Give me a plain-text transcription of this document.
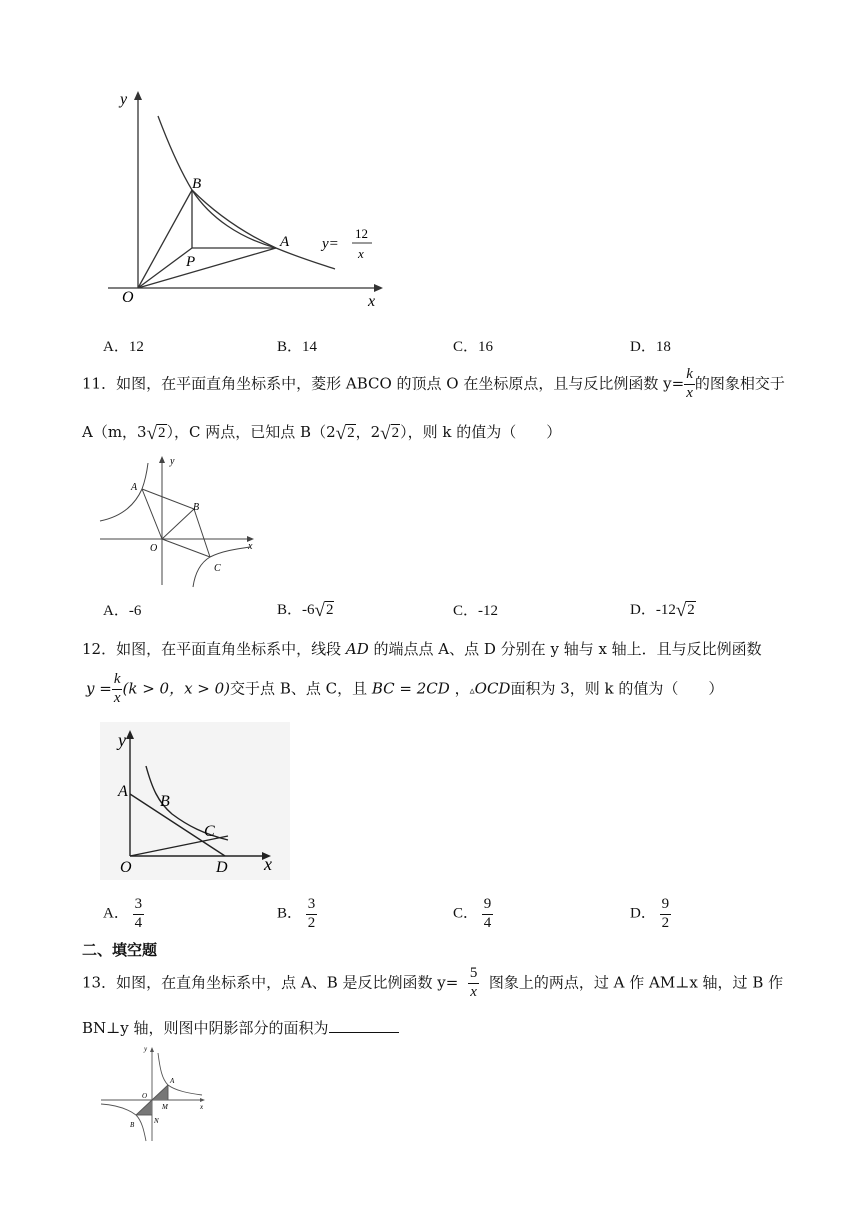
y
x
O
B
A
P
y=
12
x
A．12	B．14	C．16	D．18
11．如图，在平面直角坐标系中，菱形 ABCO 的顶点 O 在坐标原点，且与反比例函数 $y= \frac{k}{x}$ 的图象相交于
A（m，3√2），C 两点，已知点 B（2√2，2√2），则 k 的值为（　　）
y
x
A
B
O
C
A．-6	B．-6√2	C．-12	D．-12√2
12．如图，在平面直角坐标系中，线段 AD 的端点点 A、点 D 分别在 y 轴与 x 轴上．且与反比例函数
$y = \frac{k}{x} (k > 0$，x > 0)交于点 B、点 C，且 BC = 2CD ，▵OCD面积为 3，则 k 的值为（　　）
y
x
A
B
C
O	D
A． $\frac{3}{4}$	B． $\frac{3}{2}$	C． $\frac{9}{4}$	D． $\frac{9}{2}$
二、填空题
13．如图，在直角坐标系中，点 A、B 是反比例函数 $y= \frac{5}{x}$ 图象上的两点，过 A 作 AM⊥x 轴，过 B 作
BN⊥y 轴，则图中阴影部分的面积为
y
x
A
O
M
N
B
